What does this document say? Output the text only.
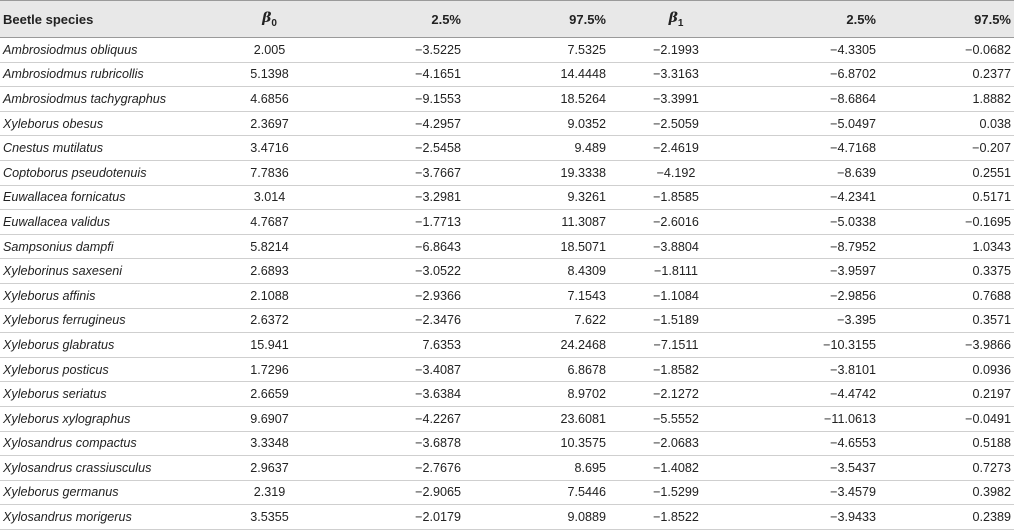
Beetle species	$\beta_0$	2.5%	97.5%	$\beta_1$	2.5%	97.5%
Ambrosiodmus obliquus	2.005	−3.5225	7.5325	−2.1993	−4.3305	−0.0682
Ambrosiodmus rubricollis	5.1398	−4.1651	14.4448	−3.3163	−6.8702	0.2377
Ambrosiodmus tachygraphus	4.6856	−9.1553	18.5264	−3.3991	−8.6864	1.8882
Xyleborus obesus	2.3697	−4.2957	9.0352	−2.5059	−5.0497	0.038
Cnestus mutilatus	3.4716	−2.5458	9.489	−2.4619	−4.7168	−0.207
Coptoborus pseudotenuis	7.7836	−3.7667	19.3338	−4.192	−8.639	0.2551
Euwallacea fornicatus	3.014	−3.2981	9.3261	−1.8585	−4.2341	0.5171
Euwallacea validus	4.7687	−1.7713	11.3087	−2.6016	−5.0338	−0.1695
Sampsonius dampfi	5.8214	−6.8643	18.5071	−3.8804	−8.7952	1.0343
Xyleborinus saxeseni	2.6893	−3.0522	8.4309	−1.8111	−3.9597	0.3375
Xyleborus affinis	2.1088	−2.9366	7.1543	−1.1084	−2.9856	0.7688
Xyleborus ferrugineus	2.6372	−2.3476	7.622	−1.5189	−3.395	0.3571
Xyleborus glabratus	15.941	7.6353	24.2468	−7.1511	−10.3155	−3.9866
Xyleborus posticus	1.7296	−3.4087	6.8678	−1.8582	−3.8101	0.0936
Xyleborus seriatus	2.6659	−3.6384	8.9702	−2.1272	−4.4742	0.2197
Xyleborus xylographus	9.6907	−4.2267	23.6081	−5.5552	−11.0613	−0.0491
Xylosandrus compactus	3.3348	−3.6878	10.3575	−2.0683	−4.6553	0.5188
Xylosandrus crassiusculus	2.9637	−2.7676	8.695	−1.4082	−3.5437	0.7273
Xyleborus germanus	2.319	−2.9065	7.5446	−1.5299	−3.4579	0.3982
Xylosandrus morigerus	3.5355	−2.0179	9.0889	−1.8522	−3.9433	0.2389
